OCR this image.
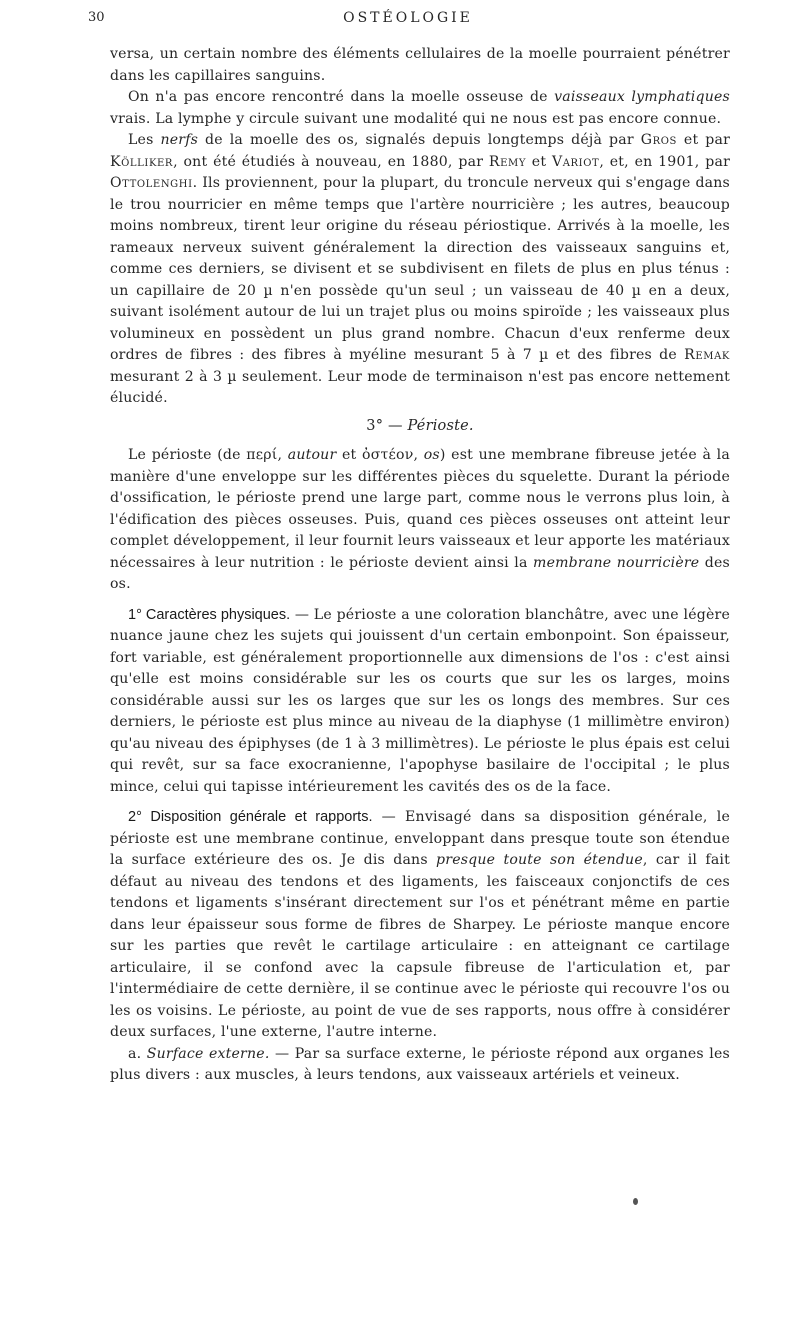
30	OSTÉOLOGIE

versa, un certain nombre des éléments cellulaires de la moelle pourraient pénétrer dans les capillaires sanguins.

On n'a pas encore rencontré dans la moelle osseuse de vaisseaux lymphatiques vrais. La lymphe y circule suivant une modalité qui ne nous est pas encore connue.

Les nerfs de la moelle des os, signalés depuis longtemps déjà par Gros et par Kölliker, ont été étudiés à nouveau, en 1880, par Remy et Variot, et, en 1901, par Ottolenghi. Ils proviennent, pour la plupart, du troncule nerveux qui s'engage dans le trou nourricier en même temps que l'artère nourricière ; les autres, beaucoup moins nombreux, tirent leur origine du réseau périostique. Arrivés à la moelle, les rameaux nerveux suivent généralement la direction des vaisseaux sanguins et, comme ces derniers, se divisent et se subdivisent en filets de plus en plus ténus : un capillaire de 20 µ n'en possède qu'un seul ; un vaisseau de 40 µ en a deux, suivant isolément autour de lui un trajet plus ou moins spiroïde ; les vaisseaux plus volumineux en possèdent un plus grand nombre. Chacun d'eux renferme deux ordres de fibres : des fibres à myéline mesurant 5 à 7 µ et des fibres de Remak mesurant 2 à 3 µ seulement. Leur mode de terminaison n'est pas encore nettement élucidé.

3° — Périoste.

Le périoste (de περί, autour et ὀστέον, os) est une membrane fibreuse jetée à la manière d'une enveloppe sur les différentes pièces du squelette. Durant la période d'ossification, le périoste prend une large part, comme nous le verrons plus loin, à l'édification des pièces osseuses. Puis, quand ces pièces osseuses ont atteint leur complet développement, il leur fournit leurs vaisseaux et leur apporte les matériaux nécessaires à leur nutrition : le périoste devient ainsi la membrane nourricière des os.

1° Caractères physiques. — Le périoste a une coloration blanchâtre, avec une légère nuance jaune chez les sujets qui jouissent d'un certain embonpoint. Son épaisseur, fort variable, est généralement proportionnelle aux dimensions de l'os : c'est ainsi qu'elle est moins considérable sur les os courts que sur les os larges, moins considérable aussi sur les os larges que sur les os longs des membres. Sur ces derniers, le périoste est plus mince au niveau de la diaphyse (1 millimètre environ) qu'au niveau des épiphyses (de 1 à 3 millimètres). Le périoste le plus épais est celui qui revêt, sur sa face exocranienne, l'apophyse basilaire de l'occipital ; le plus mince, celui qui tapisse intérieurement les cavités des os de la face.

2° Disposition générale et rapports. — Envisagé dans sa disposition générale, le périoste est une membrane continue, enveloppant dans presque toute son étendue la surface extérieure des os. Je dis dans presque toute son étendue, car il fait défaut au niveau des tendons et des ligaments, les faisceaux conjonctifs de ces tendons et ligaments s'insérant directement sur l'os et pénétrant même en partie dans leur épaisseur sous forme de fibres de Sharpey. Le périoste manque encore sur les parties que revêt le cartilage articulaire : en atteignant ce cartilage articulaire, il se confond avec la capsule fibreuse de l'articulation et, par l'intermédiaire de cette dernière, il se continue avec le périoste qui recouvre l'os ou les os voisins. Le périoste, au point de vue de ses rapports, nous offre à considérer deux surfaces, l'une externe, l'autre interne.

a. Surface externe. — Par sa surface externe, le périoste répond aux organes les plus divers : aux muscles, à leurs tendons, aux vaisseaux artériels et veineux.
